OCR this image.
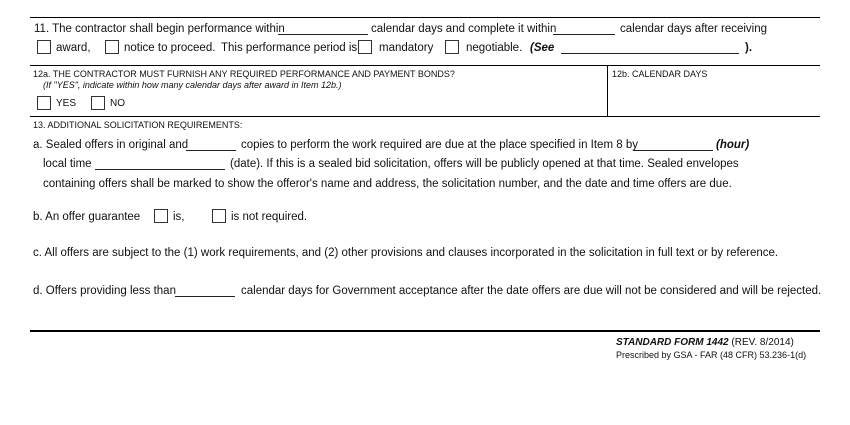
11. The contractor shall begin performance within	calendar days and complete it within	calendar days after receiving
award,	notice to proceed. This performance period is mandatory	negotiable. (See	).
12a. THE CONTRACTOR MUST FURNISH ANY REQUIRED PERFORMANCE AND PAYMENT BONDS?
(If "YES", indicate within how many calendar days after award in Item 12b.)
12b. CALENDAR DAYS
YES	NO
13. ADDITIONAL SOLICITATION REQUIREMENTS:
a. Sealed offers in original and	copies to perform the work required are due at the place specified in Item 8 by	(hour)
local time	(date). If this is a sealed bid solicitation, offers will be publicly opened at that time. Sealed envelopes
containing offers shall be marked to show the offeror's name and address, the solicitation number, and the date and time offers are due.
b. An offer guarantee	is,	is not required.
c. All offers are subject to the (1) work requirements, and (2) other provisions and clauses incorporated in the solicitation in full text or by reference.
d. Offers providing less than	calendar days for Government acceptance after the date offers are due will not be considered and will be rejected.
STANDARD FORM 1442 (REV. 8/2014)
Prescribed by GSA - FAR (48 CFR) 53.236-1(d)
